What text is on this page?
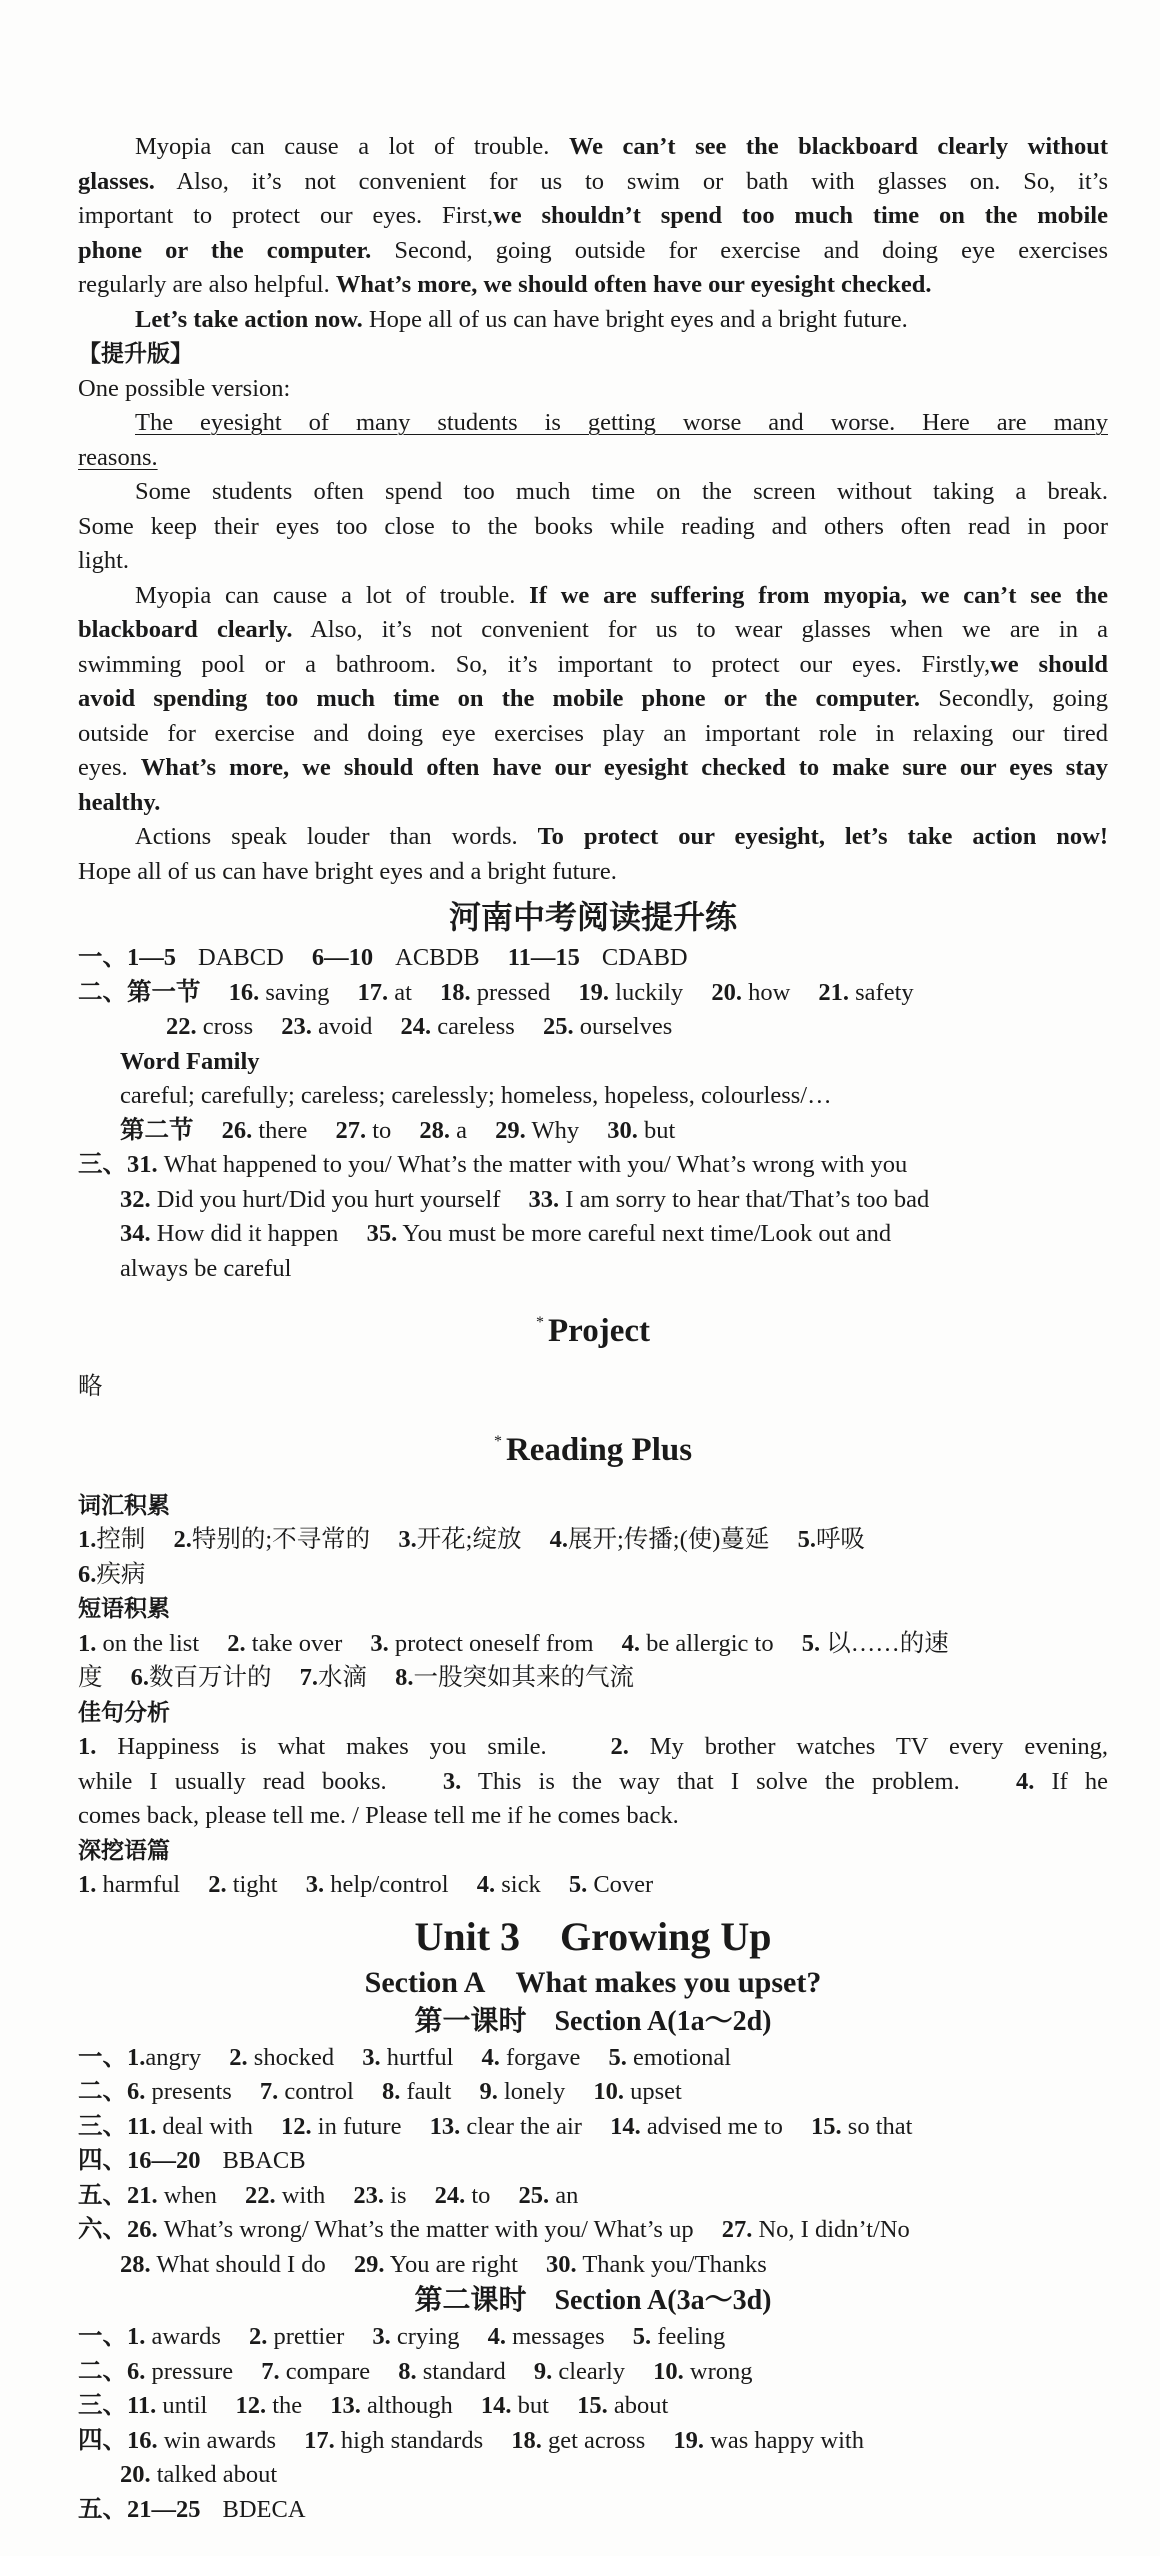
Myopia can cause a lot of trouble. We can’t see the blackboard clearly without
glasses. Also, it’s not convenient for us to swim or bath with glasses on. So, it’s
important to protect our eyes. First,we shouldn’t spend too much time on the mobile
phone or the computer. Second, going outside for exercise and doing eye exercises
regularly are also helpful. What’s more, we should often have our eyesight checked.
Let’s take action now. Hope all of us can have bright eyes and a bright future.
【提升版】
One possible version:
The eyesight of many students is getting worse and worse. Here are many
reasons.
Some students often spend too much time on the screen without taking a break.
Some keep their eyes too close to the books while reading and others often read in poor
light.
Myopia can cause a lot of trouble. If we are suffering from myopia, we can’t see the
blackboard clearly. Also, it’s not convenient for us to wear glasses when we are in a
swimming pool or a bathroom. So, it’s important to protect our eyes. Firstly,we should
avoid spending too much time on the mobile phone or the computer. Secondly, going
outside for exercise and doing eye exercises play an important role in relaxing our tired
eyes. What’s more, we should often have our eyesight checked to make sure our eyes stay
healthy.
Actions speak louder than words. To protect our eyesight, let’s take action now!
Hope all of us can have bright eyes and a bright future.
河南中考阅读提升练
一、1—5 DABCD 6—10 ACBDB 11—15 CDABD
二、第一节 16. saving 17. at 18. pressed 19. luckily 20. how 21. safety
22. cross 23. avoid 24. careless 25. ourselves
Word Family
careful; carefully; careless; carelessly; homeless, hopeless, colourless/…
第二节 26. there 27. to 28. a 29. Why 30. but
三、31. What happened to you/ What’s the matter with you/ What’s wrong with you
32. Did you hurt/Did you hurt yourself 33. I am sorry to hear that/That’s too bad
34. How did it happen 35. You must be more careful next time/Look out and
always be careful
* Project
略
* Reading Plus
词汇积累
1.控制 2.特别的;不寻常的 3.开花;绽放 4.展开;传播;(使)蔓延 5.呼吸
6.疾病
短语积累
1. on the list 2. take over 3. protect oneself from 4. be allergic to 5. 以……的速
度 6.数百万计的 7.水滴 8.一股突如其来的气流
佳句分析
1. Happiness is what makes you smile.	2. My brother watches TV every evening,
while I usually read books. 3. This is the way that I solve the problem. 4. If he
comes back, please tell me. / Please tell me if he comes back.
深挖语篇
1. harmful 2. tight 3. help/control 4. sick 5. Cover
Unit 3 Growing Up
Section A What makes you upset?
第一课时 Section A(1a～2d)
一、1.angry 2. shocked 3. hurtful 4. forgave 5. emotional
二、6. presents 7. control 8. fault 9. lonely 10. upset
三、11. deal with 12. in future 13. clear the air 14. advised me to 15. so that
四、16—20 BBACB
五、21. when 22. with 23. is 24. to 25. an
六、26. What’s wrong/ What’s the matter with you/ What’s up 27. No, I didn’t/No
28. What should I do 29. You are right 30. Thank you/Thanks
第二课时 Section A(3a～3d)
一、1. awards 2. prettier 3. crying 4. messages 5. feeling
二、6. pressure 7. compare 8. standard 9. clearly 10. wrong
三、11. until 12. the 13. although 14. but 15. about
四、16. win awards 17. high standards 18. get across 19. was happy with
20. talked about
五、21—25 BDECA
